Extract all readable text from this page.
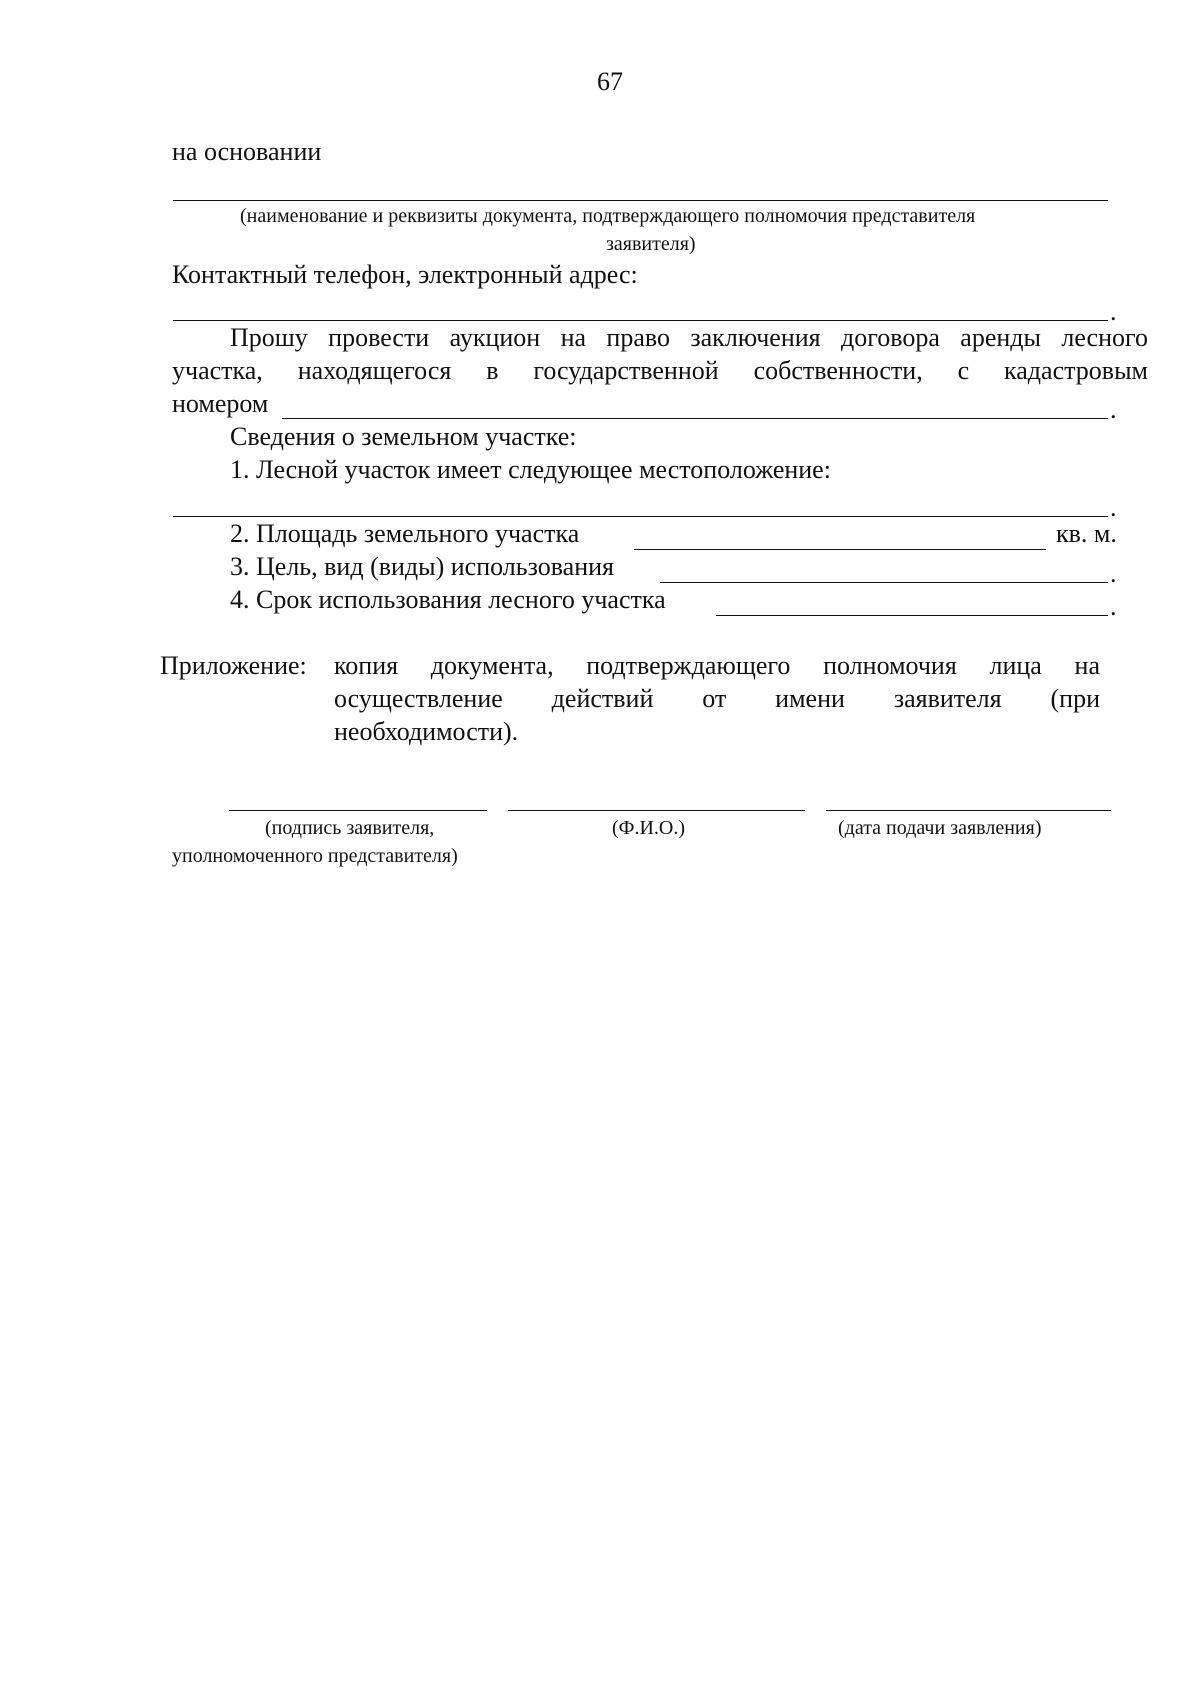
67
на основании
(наименование и реквизиты документа, подтверждающего полномочия представителя
заявителя)
Контактный телефон, электронный адрес:
.
Прошу провести аукцион на право заключения договора аренды лесного
участка, находящегося в государственной собственности, с кадастровым
номером	.
Сведения о земельном участке:
1. Лесной участок имеет следующее местоположение:
.
2. Площадь земельного участка	кв. м.
3. Цель, вид (виды) использования	.
4. Срок использования лесного участка	.
Приложение: копия документа, подтверждающего полномочия лица на
осуществление действий от имени заявителя (при
необходимости).
(подпись заявителя,
уполномоченного представителя)
(Ф.И.О.)	(дата подачи заявления)
